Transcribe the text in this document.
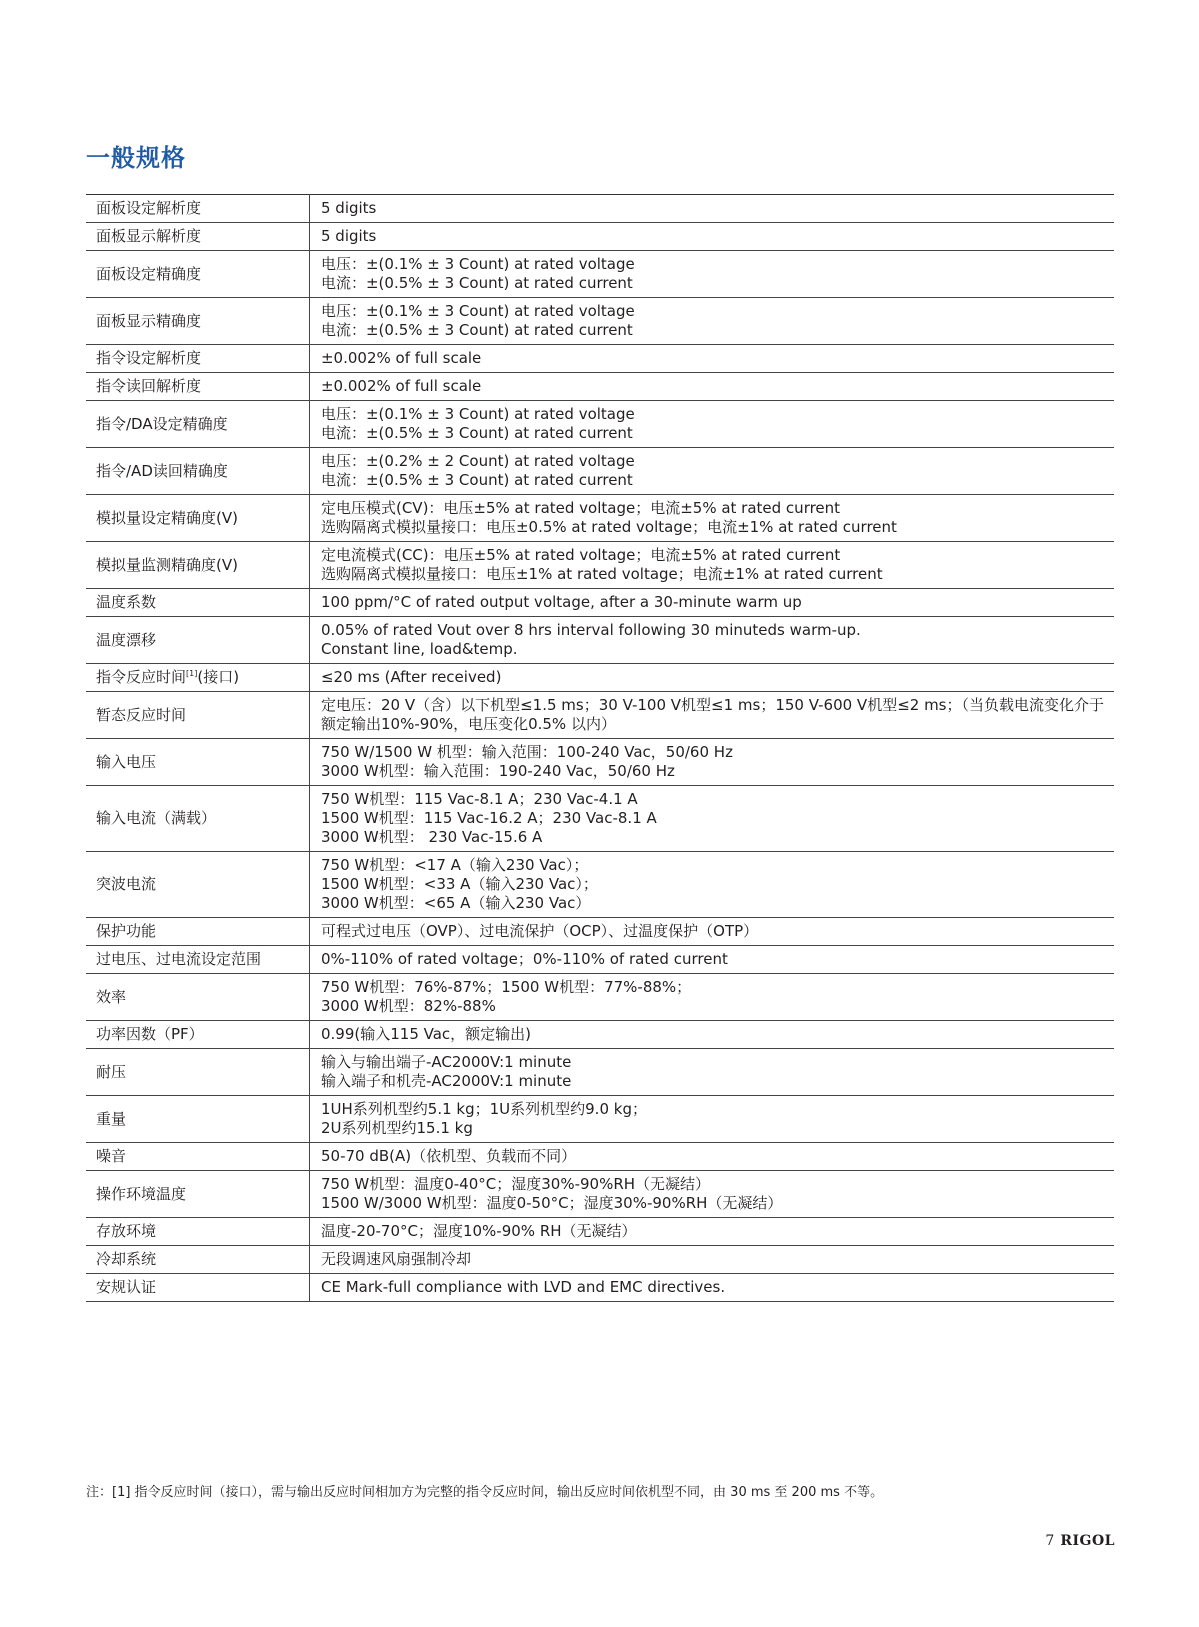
一般规格
面板设定解析度	5 digits

面板显示解析度	5 digits

面板设定精确度	电压：±(0.1% ± 3 Count) at rated voltage
电流：±(0.5% ± 3 Count) at rated current

面板显示精确度	电压：±(0.1% ± 3 Count) at rated voltage
电流：±(0.5% ± 3 Count) at rated current

指令设定解析度	±0.002% of full scale

指令读回解析度	±0.002% of full scale

指令/DA设定精确度	电压：±(0.1% ± 3 Count) at rated voltage
电流：±(0.5% ± 3 Count) at rated current

指令/AD读回精确度	电压：±(0.2% ± 2 Count) at rated voltage
电流：±(0.5% ± 3 Count) at rated current

模拟量设定精确度(V)	定电压模式(CV)：电压±5% at rated voltage；电流±5% at rated current
选购隔离式模拟量接口：电压±0.5% at rated voltage；电流±1% at rated current

模拟量监测精确度(V)	定电流模式(CC)：电压±5% at rated voltage；电流±5% at rated current
选购隔离式模拟量接口：电压±1% at rated voltage；电流±1% at rated current

温度系数	100 ppm/°C of rated output voltage, after a 30-minute warm up

温度漂移	0.05% of rated Vout over 8 hrs interval following 30 minuteds warm-up.
Constant line, load&temp.

指令反应时间[1](接口)	≤20 ms (After received)

暂态反应时间	定电压：20 V（含）以下机型≤1.5 ms；30 V-100 V机型≤1 ms；150 V-600 V机型≤2 ms；（当负载电流变化介于
额定输出10%-90%，电压变化0.5% 以内）

输入电压	750 W/1500 W 机型：输入范围：100-240 Vac，50/60 Hz
3000 W机型：输入范围：190-240 Vac，50/60 Hz

输入电流（满载）	750 W机型：115 Vac-8.1 A；230 Vac-4.1 A
1500 W机型：115 Vac-16.2 A；230 Vac-8.1 A
3000 W机型： 230 Vac-15.6 A

突波电流	750 W机型：<17 A（输入230 Vac）；
1500 W机型：<33 A（输入230 Vac）；
3000 W机型：<65 A（输入230 Vac）

保护功能	可程式过电压（OVP）、过电流保护（OCP）、过温度保护（OTP）

过电压、过电流设定范围	0%-110% of rated voltage；0%-110% of rated current

效率	750 W机型：76%-87%；1500 W机型：77%-88%；
3000 W机型：82%-88%

功率因数（PF）	0.99(输入115 Vac，额定输出)

耐压	输入与输出端子-AC2000V:1 minute
输入端子和机壳-AC2000V:1 minute

重量	1UH系列机型约5.1 kg；1U系列机型约9.0 kg；
2U系列机型约15.1 kg

噪音	50-70 dB(A)（依机型、负载而不同）

操作环境温度	750 W机型：温度0-40°C；湿度30%-90%RH（无凝结）
1500 W/3000 W机型：温度0-50°C；湿度30%-90%RH（无凝结）

存放环境	温度-20-70°C；湿度10%-90% RH（无凝结）

冷却系统	无段调速风扇强制冷却

安规认证	CE Mark-full compliance with LVD and EMC directives.
注：[1] 指令反应时间（接口），需与输出反应时间相加方为完整的指令反应时间，输出反应时间依机型不同，由 30 ms 至 200 ms 不等。
7 RIGOL
